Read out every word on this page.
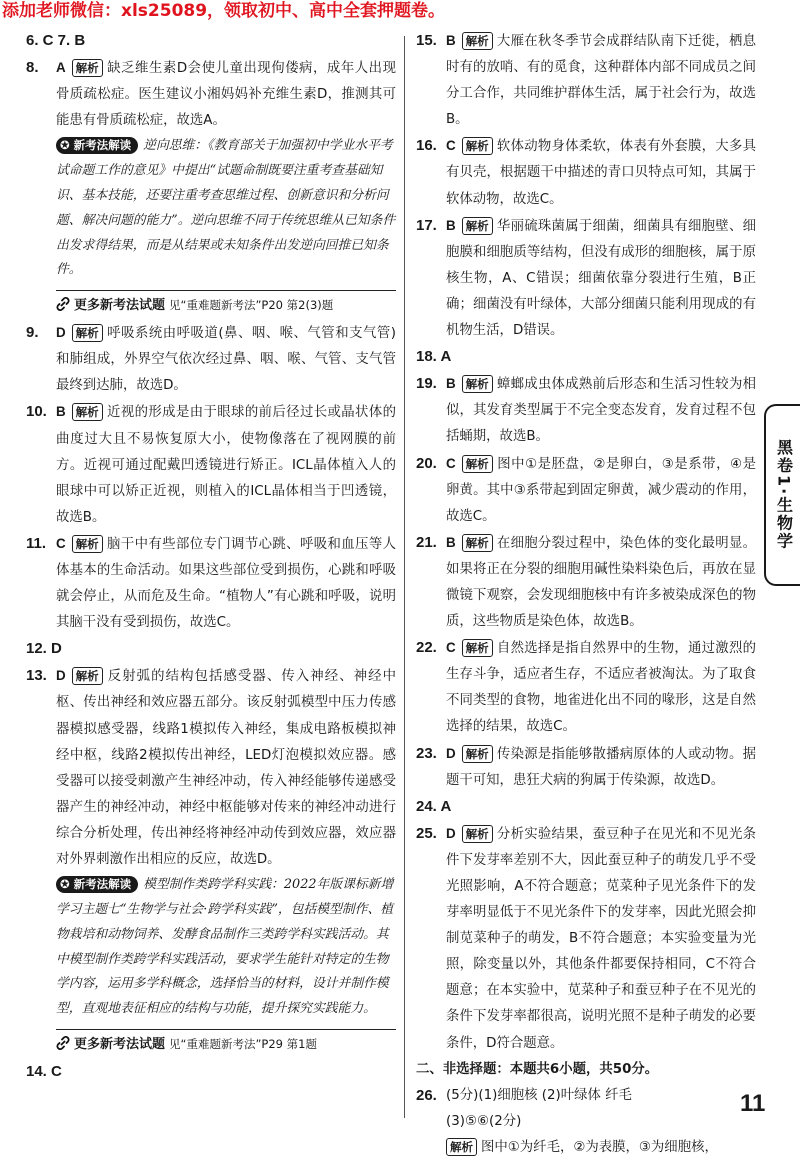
添加老师微信：xls25089，领取初中、高中全套押题卷。
6. C 7. B
8. A 解析 缺乏维生素D会使儿童出现佝偻病，成年人出现骨质疏松症。医生建议小湘妈妈补充维生素D，推测其可能患有骨质疏松症，故选A。
✪ 新考法解读 逆向思维：《教育部关于加强初中学业水平考试命题工作的意见》中提出“试题命制既要注重考查基础知识、基本技能，还要注重考查思维过程、创新意识和分析问题、解决问题的能力”。逆向思维不同于传统思维从已知条件出发求得结果，而是从结果或未知条件出发逆向回推已知条件。
更多新考法试题 见“重难题新考法”P20 第2(3)题
9. D 解析 呼吸系统由呼吸道(鼻、咽、喉、气管和支气管)和肺组成，外界空气依次经过鼻、咽、喉、气管、支气管最终到达肺，故选D。
10. B 解析 近视的形成是由于眼球的前后径过长或晶状体的曲度过大且不易恢复原大小，使物像落在了视网膜的前方。近视可通过配戴凹透镜进行矫正。ICL晶体植入人的眼球中可以矫正近视，则植入的ICL晶体相当于凹透镜，故选B。
11. C 解析 脑干中有些部位专门调节心跳、呼吸和血压等人体基本的生命活动。如果这些部位受到损伤，心跳和呼吸就会停止，从而危及生命。“植物人”有心跳和呼吸，说明其脑干没有受到损伤，故选C。
12. D
13. D 解析 反射弧的结构包括感受器、传入神经、神经中枢、传出神经和效应器五部分。该反射弧模型中压力传感器模拟感受器，线路1模拟传入神经，集成电路板模拟神经中枢，线路2模拟传出神经，LED灯泡模拟效应器。感受器可以接受刺激产生神经冲动，传入神经能够传递感受器产生的神经冲动，神经中枢能够对传来的神经冲动进行综合分析处理，传出神经将神经冲动传到效应器，效应器对外界刺激作出相应的反应，故选D。
✪ 新考法解读 模型制作类跨学科实践：2022年版课标新增学习主题七“生物学与社会·跨学科实践”，包括模型制作、植物栽培和动物饲养、发酵食品制作三类跨学科实践活动。其中模型制作类跨学科实践活动，要求学生能针对特定的生物学内容，运用多学科概念，选择恰当的材料，设计并制作模型，直观地表征相应的结构与功能，提升探究实践能力。
更多新考法试题 见“重难题新考法”P29 第1题
14. C
15. B 解析 大雁在秋冬季节会成群结队南下迁徙，栖息时有的放哨、有的觅食，这种群体内部不同成员之间分工合作，共同维护群体生活，属于社会行为，故选B。
16. C 解析 软体动物身体柔软，体表有外套膜，大多具有贝壳，根据题干中描述的青口贝特点可知，其属于软体动物，故选C。
17. B 解析 华丽硫珠菌属于细菌，细菌具有细胞壁、细胞膜和细胞质等结构，但没有成形的细胞核，属于原核生物，A、C错误；细菌依靠分裂进行生殖，B正确；细菌没有叶绿体，大部分细菌只能利用现成的有机物生活，D错误。
18. A
19. B 解析 蟑螂成虫体成熟前后形态和生活习性较为相似，其发育类型属于不完全变态发育，发育过程不包括蛹期，故选B。
20. C 解析 图中①是胚盘，②是卵白，③是系带，④是卵黄。其中③系带起到固定卵黄，减少震动的作用，故选C。
21. B 解析 在细胞分裂过程中，染色体的变化最明显。如果将正在分裂的细胞用碱性染料染色后，再放在显微镜下观察，会发现细胞核中有许多被染成深色的物质，这些物质是染色体，故选B。
22. C 解析 自然选择是指自然界中的生物，通过激烈的生存斗争，适应者生存，不适应者被淘汰。为了取食不同类型的食物，地雀进化出不同的喙形，这是自然选择的结果，故选C。
23. D 解析 传染源是指能够散播病原体的人或动物。据题干可知，患狂犬病的狗属于传染源，故选D。
24. A
25. D 解析 分析实验结果，蚕豆种子在见光和不见光条件下发芽率差别不大，因此蚕豆种子的萌发几乎不受光照影响，A不符合题意；苋菜种子见光条件下的发芽率明显低于不见光条件下的发芽率，因此光照会抑制苋菜种子的萌发，B不符合题意；本实验变量为光照，除变量以外，其他条件都要保持相同，C不符合题意；在本实验中，苋菜种子和蚕豆种子在不见光的条件下发芽率都很高，说明光照不是种子萌发的必要条件，D符合题意。
二、非选择题：本题共6小题，共50分。
26. (5分)(1)细胞核 (2)叶绿体 纤毛
(3)⑤⑥(2分)
解析 图中①为纤毛，②为表膜，③为细胞核，
黑卷1·生物学
11
